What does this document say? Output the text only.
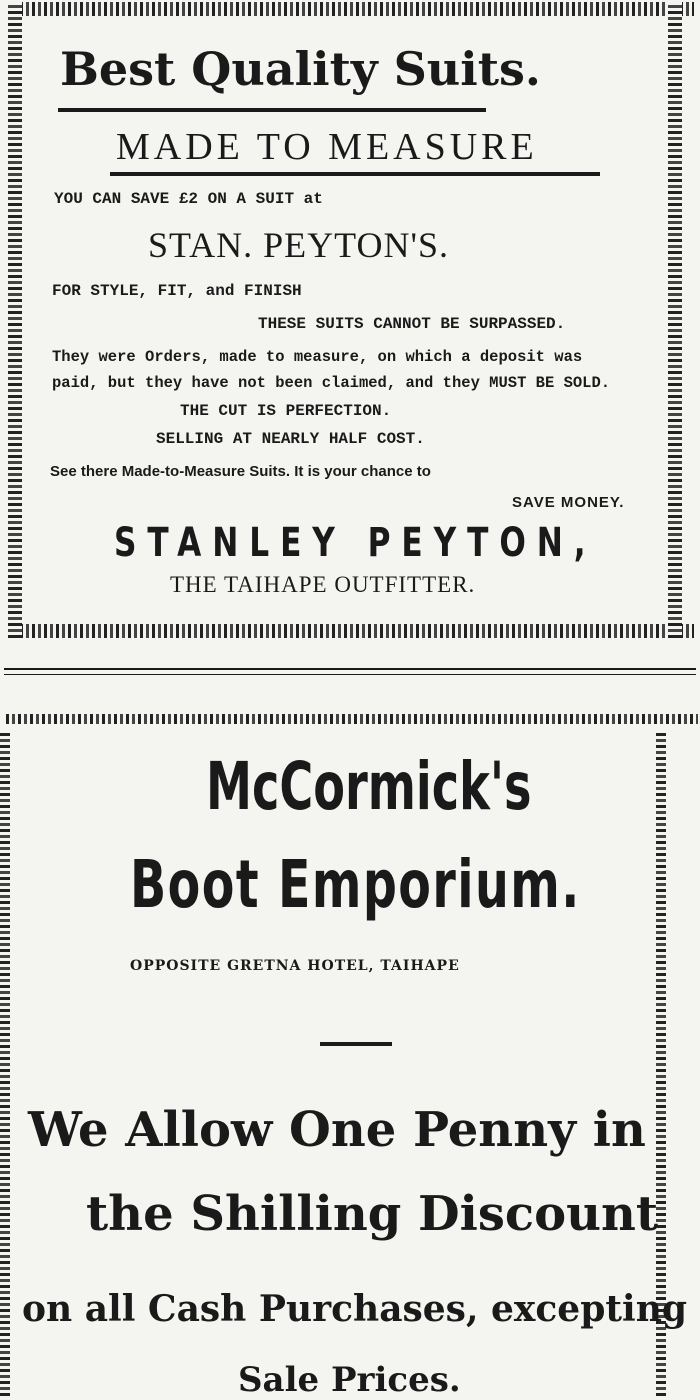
Best Quality Suits.
MADE TO MEASURE
YOU CAN SAVE £2 ON A SUIT at
STAN. PEYTON'S.
FOR STYLE, FIT, and FINISH
THESE SUITS CANNOT BE SURPASSED.
They were Orders, made to measure, on which a deposit was
paid, but they have not been claimed, and they MUST BE SOLD.
THE CUT IS PERFECTION.
SELLING AT NEARLY HALF COST.
See there Made-to-Measure Suits. It is your chance to
SAVE MONEY.
STANLEY PEYTON,
THE TAIHAPE OUTFITTER.
McCormick's
Boot Emporium.
OPPOSITE GRETNA HOTEL, TAIHAPE
We Allow One Penny in
the Shilling Discount
on all Cash Purchases, excepting
Sale Prices.
